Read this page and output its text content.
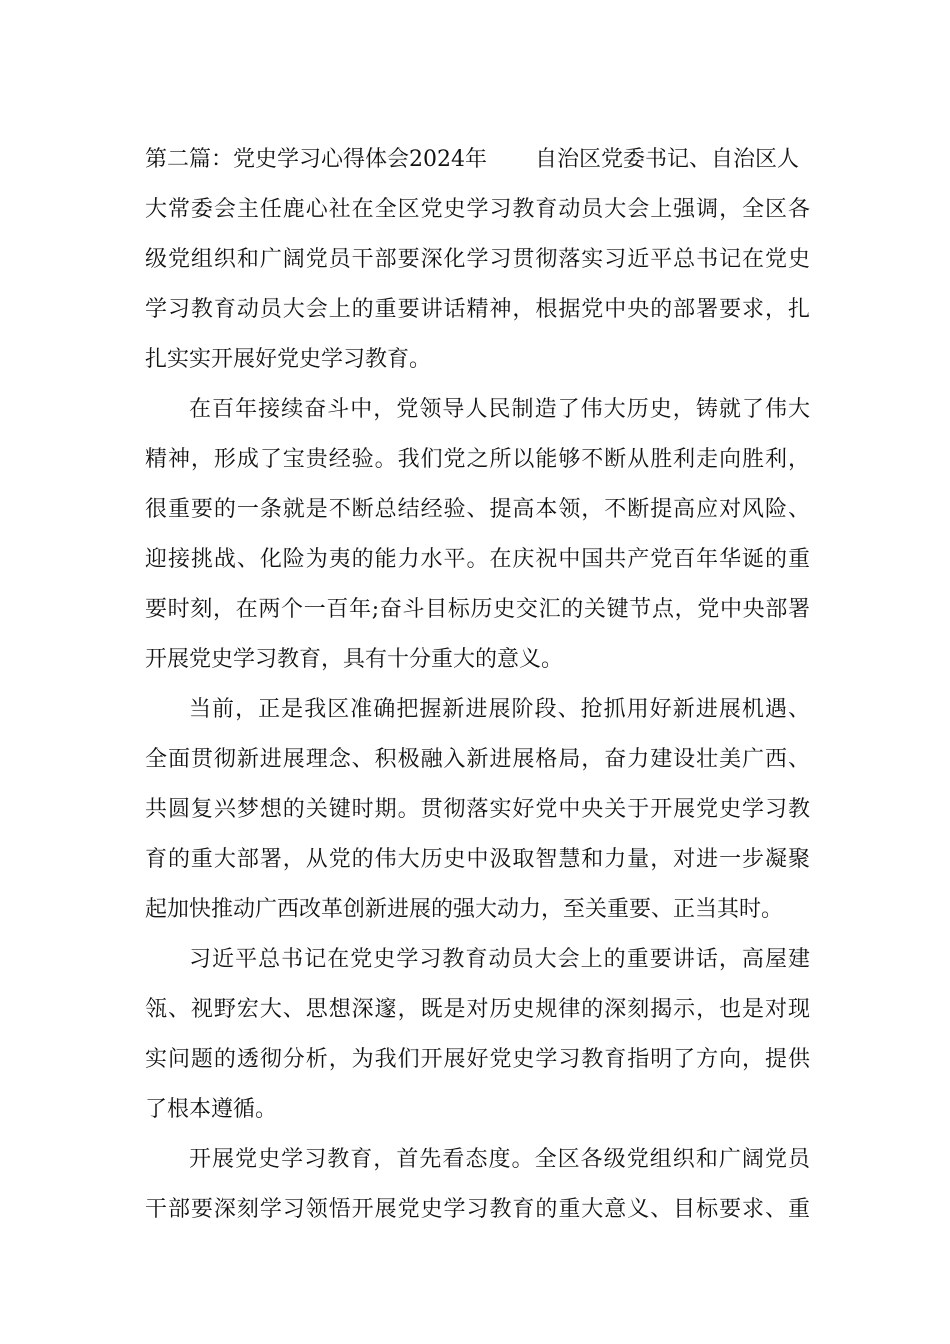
第二篇：党史学习心得体会2024年 自治区党委书记、自治区人
大常委会主任鹿心社在全区党史学习教育动员大会上强调，全区各
级党组织和广阔党员干部要深化学习贯彻落实习近平总书记在党史
学习教育动员大会上的重要讲话精神，根据党中央的部署要求，扎
扎实实开展好党史学习教育。
在百年接续奋斗中，党领导人民制造了伟大历史，铸就了伟大
精神，形成了宝贵经验。我们党之所以能够不断从胜利走向胜利，
很重要的一条就是不断总结经验、提高本领，不断提高应对风险、
迎接挑战、化险为夷的能力水平。在庆祝中国共产党百年华诞的重
要时刻，在两个一百年;奋斗目标历史交汇的关键节点，党中央部署
开展党史学习教育，具有十分重大的意义。
当前，正是我区准确把握新进展阶段、抢抓用好新进展机遇、
全面贯彻新进展理念、积极融入新进展格局，奋力建设壮美广西、
共圆复兴梦想的关键时期。贯彻落实好党中央关于开展党史学习教
育的重大部署，从党的伟大历史中汲取智慧和力量，对进一步凝聚
起加快推动广西改革创新进展的强大动力，至关重要、正当其时。
习近平总书记在党史学习教育动员大会上的重要讲话，高屋建
瓴、视野宏大、思想深邃，既是对历史规律的深刻揭示，也是对现
实问题的透彻分析，为我们开展好党史学习教育指明了方向，提供
了根本遵循。
开展党史学习教育，首先看态度。全区各级党组织和广阔党员
干部要深刻学习领悟开展党史学习教育的重大意义、目标要求、重
